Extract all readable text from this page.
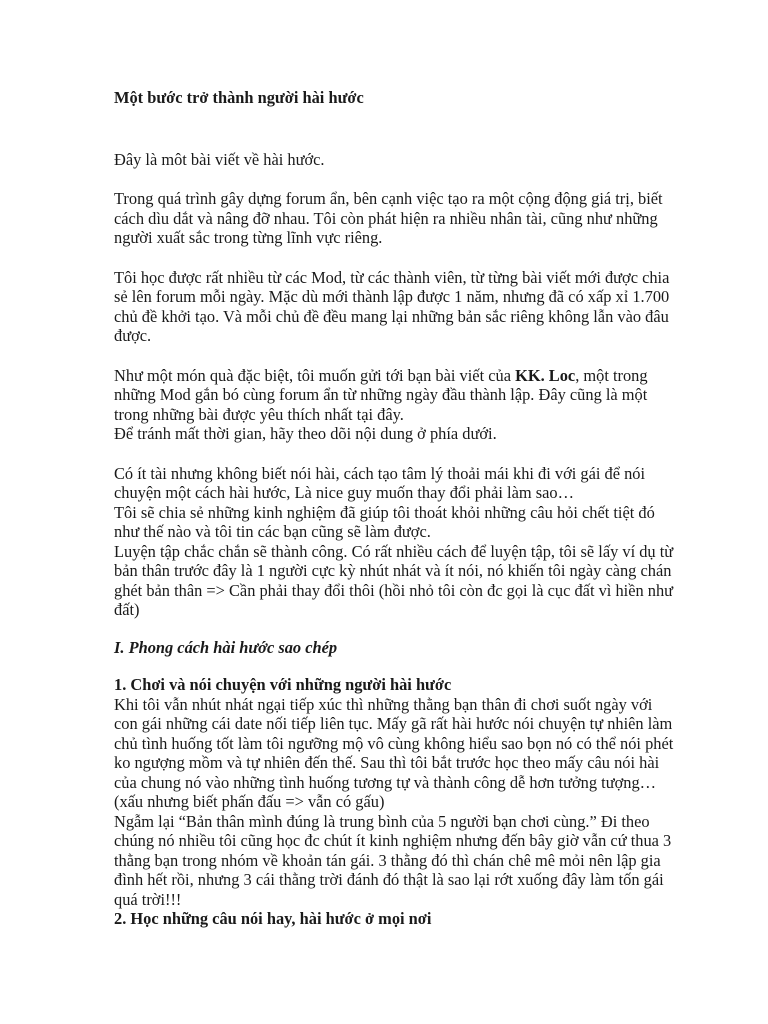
Một bước trở thành người hài hước

Đây là môt bài viết về hài hước.

Trong quá trình gây dựng forum ẩn, bên cạnh việc tạo ra một cộng động giá trị, biết cách dìu dắt và nâng đỡ nhau. Tôi còn phát hiện ra nhiều nhân tài, cũng như những người xuất sắc trong từng lĩnh vực riêng.

Tôi học được rất nhiều từ các Mod, từ các thành viên, từ từng bài viết mới được chia sẻ lên forum mỗi ngày. Mặc dù mới thành lập được 1 năm, nhưng đã có xấp xỉ 1.700 chủ đề khởi tạo. Và mỗi chủ đề đều mang lại những bản sắc riêng không lẫn vào đâu được.

Như một món quà đặc biệt, tôi muốn gửi tới bạn bài viết của KK. Loc, một trong những Mod gắn bó cùng forum ẩn từ những ngày đầu thành lập. Đây cũng là một trong những bài được yêu thích nhất tại đây.

Để tránh mất thời gian, hãy theo dõi nội dung ở phía dưới.

Có ít tài nhưng không biết nói hài, cách tạo tâm lý thoải mái khi đi với gái để nói chuyện một cách hài hước, Là nice guy muốn thay đổi phải làm sao…

Tôi sẽ chia sẻ những kinh nghiệm đã giúp tôi thoát khỏi những câu hỏi chết tiệt đó như thế nào và tôi tin các bạn cũng sẽ làm được.

Luyện tập chắc chắn sẽ thành công. Có rất nhiều cách để luyện tập, tôi sẽ lấy ví dụ từ bản thân trước đây là 1 người cực kỳ nhút nhát và ít nói, nó khiến tôi ngày càng chán ghét bản thân => Cần phải thay đổi thôi (hồi nhỏ tôi còn đc gọi là cục đất vì hiền như đất)

I. Phong cách hài hước sao chép

1. Chơi và nói chuyện với những người hài hước

Khi tôi vẫn nhút nhát ngại tiếp xúc thì những thằng bạn thân đi chơi suốt ngày với con gái những cái date nối tiếp liên tục. Mấy gã rất hài hước nói chuyện tự nhiên làm chủ tình huống tốt làm tôi ngưỡng mộ vô cùng không hiểu sao bọn nó có thể nói phét ko ngượng mồm và tự nhiên đến thế. Sau thì tôi bắt trước học theo mấy câu nói hài của chung nó vào những tình huống tương tự và thành công dễ hơn tưởng tượng… (xấu nhưng biết phấn đấu => vẫn có gấu)

Ngẫm lại “Bản thân mình đúng là trung bình của 5 người bạn chơi cùng.” Đi theo chúng nó nhiều tôi cũng học đc chút ít kinh nghiệm nhưng đến bây giờ vẫn cứ thua 3 thằng bạn trong nhóm về khoản tán gái. 3 thằng đó thì chán chê mê mỏi nên lập gia đình hết rồi, nhưng 3 cái thằng trời đánh đó thật là sao lại rớt xuống đây làm tốn gái quá trời!!!

2. Học những câu nói hay, hài hước ở mọi nơi
